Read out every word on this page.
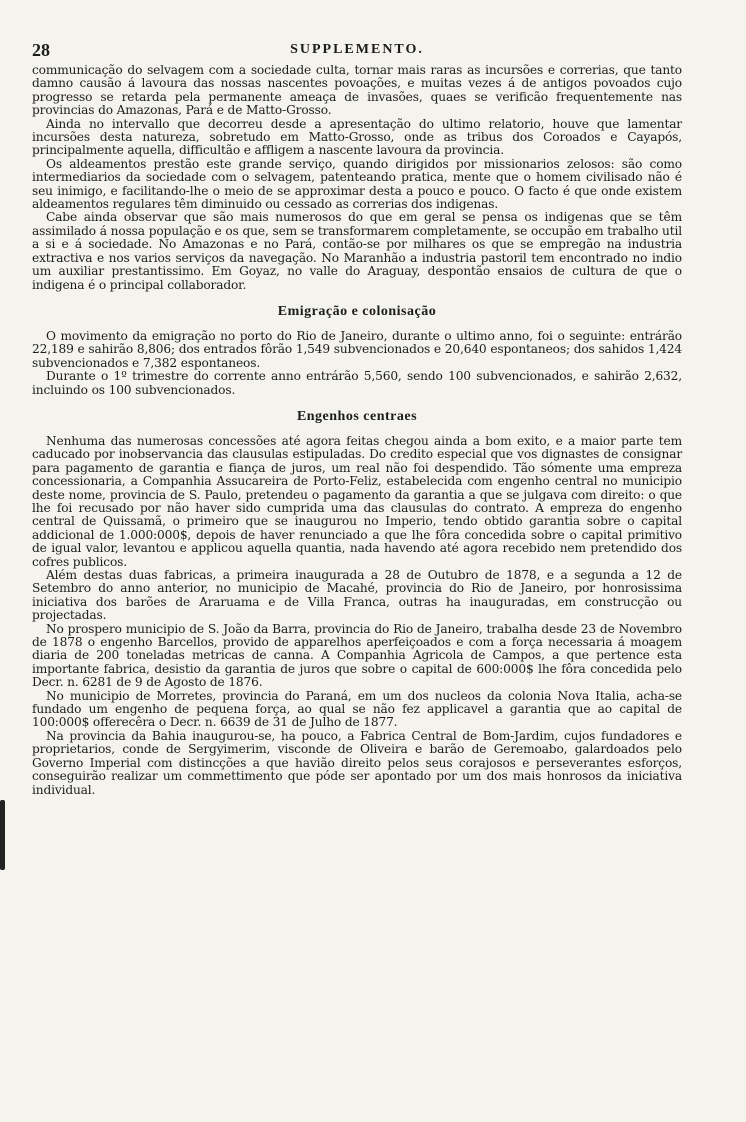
28	SUPPLEMENTO.

communicação do selvagem com a sociedade culta, tornar mais raras as incursões e correrias, que tanto damno causão á lavoura das nossas nascentes povoações, e muitas vezes á de antigos povoados cujo progresso se retarda pela permanente ameaça de invasões, quaes se verificão frequentemente nas provincias do Amazonas, Pará e de Matto-Grosso.

Ainda no intervallo que decorreu desde a apresentação do ultimo relatorio, houve que lamentar incursões desta natureza, sobretudo em Matto-Grosso, onde as tribus dos Coroados e Cayapós, principalmente aquella, difficultão e affligem a nascente lavoura da provincia.

Os aldeamentos prestão este grande serviço, quando dirigidos por missionarios zelosos: são como intermediarios da sociedade com o selvagem, patenteando pratica, mente que o homem civilisado não é seu inimigo, e facilitando-lhe o meio de se approximar desta a pouco e pouco. O facto é que onde existem aldeamentos regulares têm diminuido ou cessado as correrias dos indigenas.

Cabe ainda observar que são mais numerosos do que em geral se pensa os indigenas que se têm assimilado á nossa população e os que, sem se transformarem completamente, se occupão em trabalho util a si e á sociedade. No Amazonas e no Pará, contão-se por milhares os que se empregão na industria extractiva e nos varios serviços da navegação. No Maranhão a industria pastoril tem encontrado no indio um auxiliar prestantissimo. Em Goyaz, no valle do Araguay, despontão ensaios de cultura de que o indigena é o principal collaborador.

Emigração e colonisação

O movimento da emigração no porto do Rio de Janeiro, durante o ultimo anno, foi o seguinte: entrárão 22,189 e sahirão 8,806; dos entrados fôrão 1,549 subvencionados e 20,640 espontaneos; dos sahidos 1,424 subvencionados e 7,382 espontaneos.

Durante o 1º trimestre do corrente anno entrárão 5,560, sendo 100 subvencionados, e sahirão 2,632, incluindo os 100 subvencionados.

Engenhos centraes

Nenhuma das numerosas concessões até agora feitas chegou ainda a bom exito, e a maior parte tem caducado por inobservancia das clausulas estipuladas. Do credito especial que vos dignastes de consignar para pagamento de garantia e fiança de juros, um real não foi despendido. Tão sómente uma empreza concessionaria, a Companhia Assucareira de Porto-Feliz, estabelecida com engenho central no municipio deste nome, provincia de S. Paulo, pretendeu o pagamento da garantia a que se julgava com direito: o que lhe foi recusado por não haver sido cumprida uma das clausulas do contrato. A empreza do engenho central de Quissamã, o primeiro que se inaugurou no Imperio, tendo obtido garantia sobre o capital addicional de 1.000:000$, depois de haver renunciado a que lhe fôra concedida sobre o capital primitivo de igual valor, levantou e applicou aquella quantia, nada havendo até agora recebido nem pretendido dos cofres publicos.

Além destas duas fabricas, a primeira inaugurada a 28 de Outubro de 1878, e a segunda a 12 de Setembro do anno anterior, no municipio de Macahé, provincia do Rio de Janeiro, por honrosissima iniciativa dos barões de Araruama e de Villa Franca, outras ha inauguradas, em construcção ou projectadas.

No prospero municipio de S. João da Barra, provincia do Rio de Janeiro, trabalha desde 23 de Novembro de 1878 o engenho Barcellos, provido de apparelhos aperfeiçoados e com a força necessaria á moagem diaria de 200 toneladas metricas de canna. A Companhia Agricola de Campos, a que pertence esta importante fabrica, desistio da garantia de juros que sobre o capital de 600:000$ lhe fôra concedida pelo Decr. n. 6281 de 9 de Agosto de 1876.

No municipio de Morretes, provincia do Paraná, em um dos nucleos da colonia Nova Italia, acha-se fundado um engenho de pequena força, ao qual se não fez applicavel a garantia que ao capital de 100:000$ offerecêra o Decr. n. 6639 de 31 de Julho de 1877.

Na provincia da Bahia inaugurou-se, ha pouco, a Fabrica Central de Bom-Jardim, cujos fundadores e proprietarios, conde de Sergyimerim, visconde de Oliveira e barão de Geremoabo, galardoados pelo Governo Imperial com distincções a que havião direito pelos seus corajosos e perseverantes esforços, conseguirão realizar um commettimento que póde ser apontado por um dos mais honrosos da iniciativa individual.
